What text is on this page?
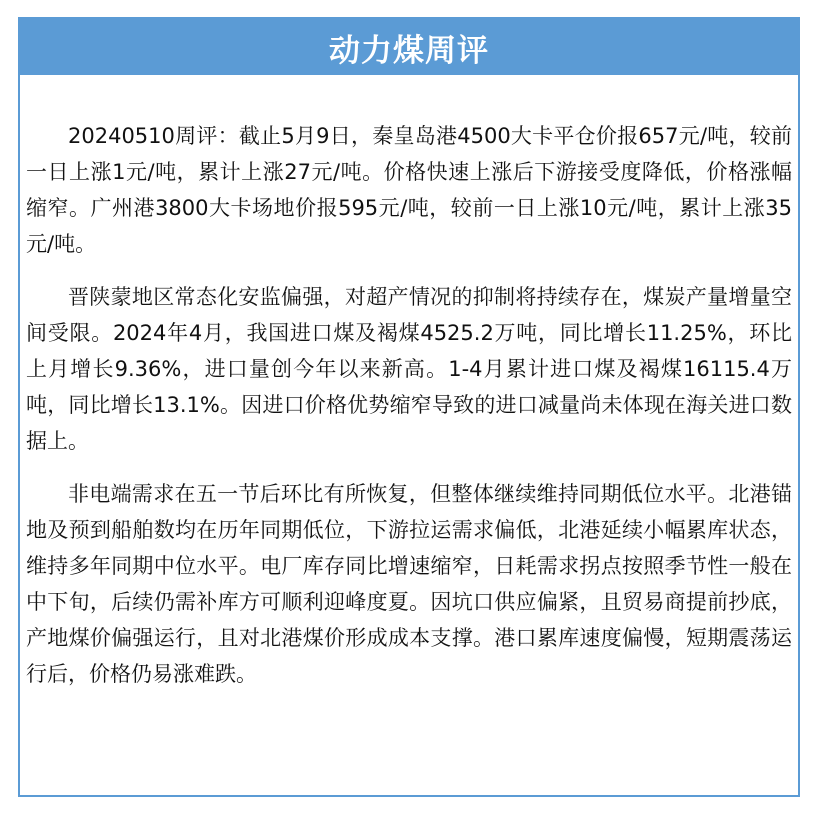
动力煤周评

20240510周评：截止5月9日，秦皇岛港4500大卡平仓价报657元/吨，较前一日上涨1元/吨，累计上涨27元/吨。价格快速上涨后下游接受度降低，价格涨幅缩窄。广州港3800大卡场地价报595元/吨，较前一日上涨10元/吨，累计上涨35元/吨。

晋陕蒙地区常态化安监偏强，对超产情况的抑制将持续存在，煤炭产量增量空间受限。2024年4月，我国进口煤及褐煤4525.2万吨，同比增长11.25%，环比上月增长9.36%，进口量创今年以来新高。1-4月累计进口煤及褐煤16115.4万吨，同比增长13.1%。因进口价格优势缩窄导致的进口减量尚未体现在海关进口数据上。

非电端需求在五一节后环比有所恢复，但整体继续维持同期低位水平。北港锚地及预到船舶数均在历年同期低位，下游拉运需求偏低，北港延续小幅累库状态，维持多年同期中位水平。电厂库存同比增速缩窄，日耗需求拐点按照季节性一般在中下旬，后续仍需补库方可顺利迎峰度夏。因坑口供应偏紧，且贸易商提前抄底，产地煤价偏强运行，且对北港煤价形成成本支撑。港口累库速度偏慢，短期震荡运行后，价格仍易涨难跌。
